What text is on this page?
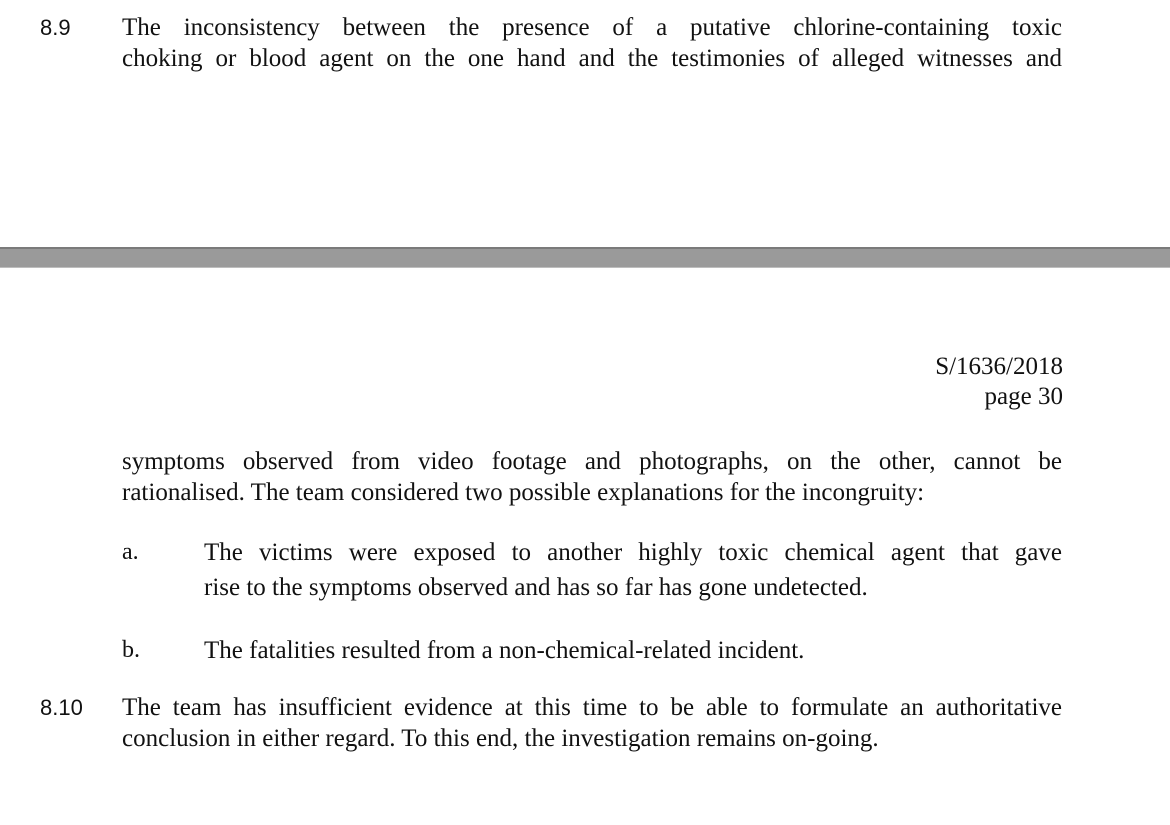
8.9 The inconsistency between the presence of a putative chlorine-containing toxic
choking or blood agent on the one hand and the testimonies of alleged witnesses and
S/1636/2018
page 30
symptoms observed from video footage and photographs, on the other, cannot be
rationalised. The team considered two possible explanations for the incongruity:
a.	The victims were exposed to another highly toxic chemical agent that gave
rise to the symptoms observed and has so far has gone undetected.
b.	The fatalities resulted from a non-chemical-related incident.
8.10 The team has insufficient evidence at this time to be able to formulate an authoritative
conclusion in either regard. To this end, the investigation remains on-going.
